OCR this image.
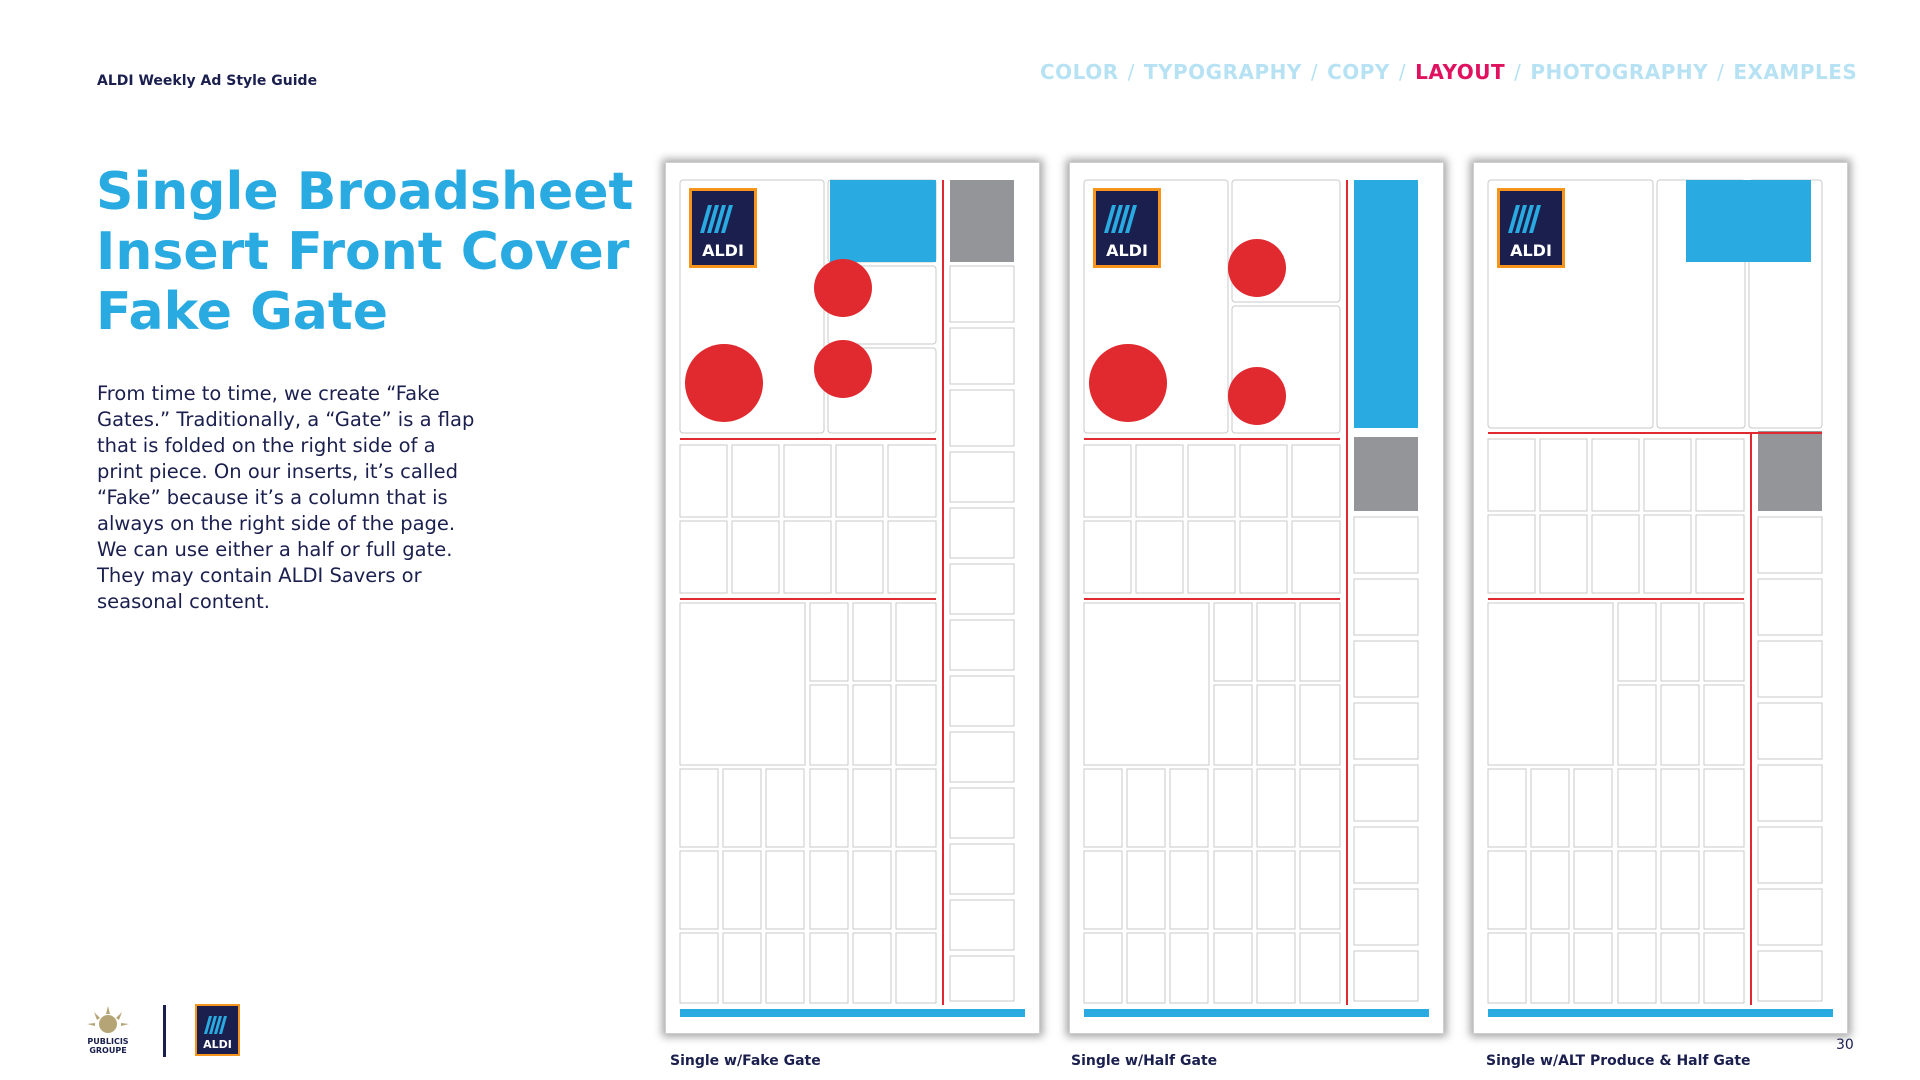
ALDI Weekly Ad Style Guide	COLOR / TYPOGRAPHY / COPY / LAYOUT / PHOTOGRAPHY / EXAMPLES
Single Broadsheet
Insert Front Cover
Fake Gate
From time to time, we create “Fake
Gates.” Traditionally, a “Gate” is a flap
that is folded on the right side of a
print piece. On our inserts, it’s called
“Fake” because it’s a column that is
always on the right side of the page.
We can use either a half or full gate.
They may contain ALDI Savers or
seasonal content.
ALDI
Single w/Fake Gate
ALDI
Single w/Half Gate
ALDI
Single w/ALT Produce & Half Gate
30
PUBLICIS
GROUPE	ALDI
